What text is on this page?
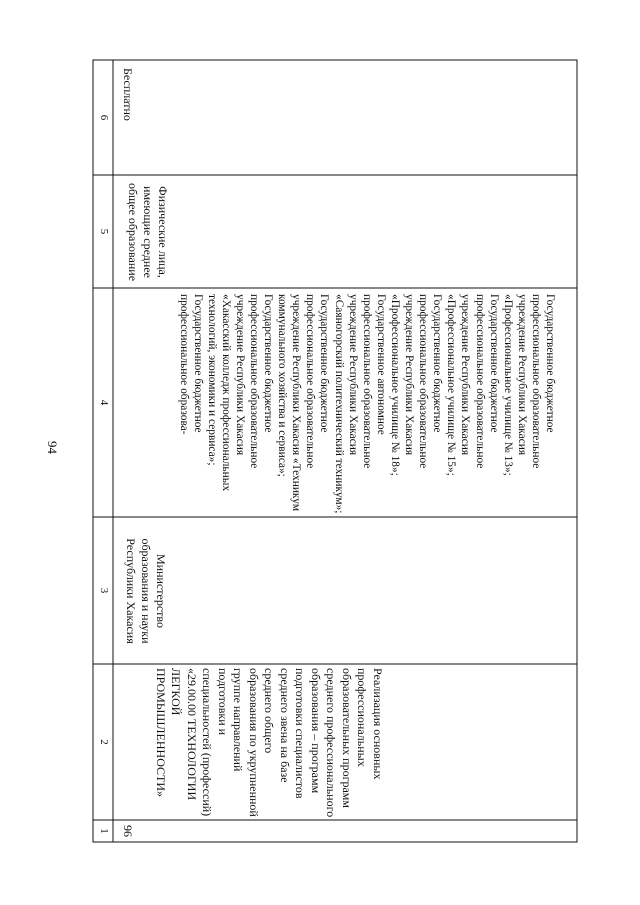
94
6
5
4
3
2
1
Бесплатно
Физические лица, имеющие среднее общее образование
Государственное бюджетное профессиональное образовательное учреждение Республики Хакасия «Профессиональное училище № 13»; Государственное бюджетное профессиональное образовательное учреждение Республики Хакасия «Профессиональное училище № 15»; Государственное бюджетное профессиональное образовательное учреждение Республики Хакасия «Профессиональное училище № 18»; Государственное автономное профессиональное образовательное учреждение Республики Хакасия «Саяногорский политехнический техникум»; Государственное бюджетное профессиональное образовательное учреждение Республики Хакасия «Техникум коммунального хозяйства и сервиса»; Государственное бюджетное профессиональное образовательное учреждение Республики Хакасия «Хакасский колледж профессиональных технологий, экономики и сервиса»; Государственное бюджетное профессиональное образова-
Министерство образования и науки Республики Хакасия
Реализация основных профессиональных образовательных программ среднего профессионального образования – программ подготовки специалистов среднего звена на базе среднего общего образования по укрупненной группе направлений подготовки и специальностей (профессий) «29.00.00 ТЕХНОЛОГИИ ЛЕГКОЙ ПРОМЫШЛЕННОСТИ»
96
